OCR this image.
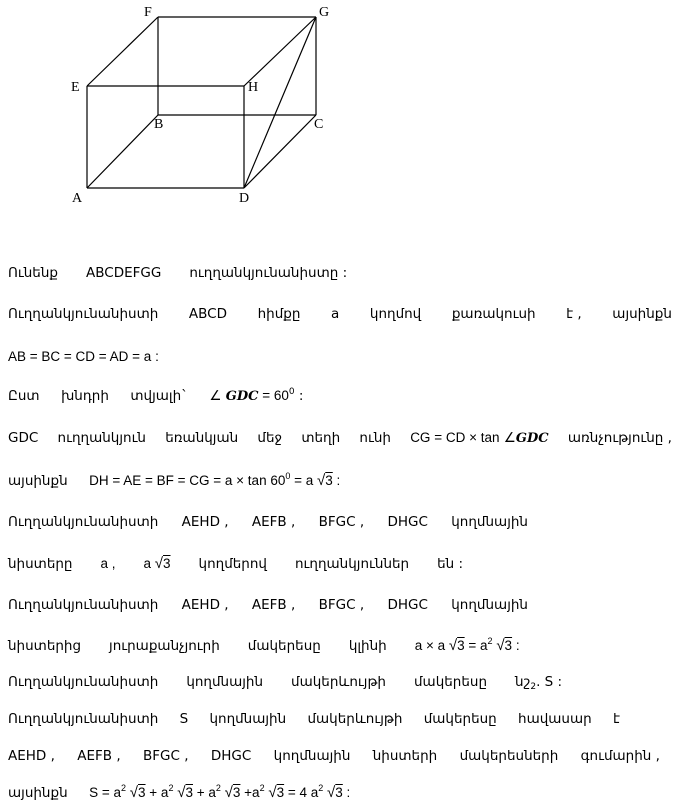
F	G
E	H
B	C
A	D
Ունենք ABCDEFGG ուղղանկյունանիստը :
Ուղղանկյունանիստի ABCD հիմքը a կողմով քառակուսի է , այսինքն
AB = BC = CD = AD = a :
Ըստ խնդրի տվյալի` ∠ GDC = $60^0$ :
GDC ուղղանկյուն եռանկյան մեջ տեղի ունի CG = CD × tan ∠GDC առնչությունը ,
այսինքն DH = AE = BF = CG = $a \times \tan 60^0 = a$ √3 :
Ուղղանկյունանիստի AEHD , AEFB , BFGC , DHGC կողմնային
նիստերը a , a √3 կողմերով ուղղանկյուններ են :
Ուղղանկյունանիստի AEHD , AEFB , BFGC , DHGC կողմնային
նիստերից յուրաքանչյուրի մակերեսը կլինի a × a $√3 = a^2$ √3 :
Ուղղանկյունանիստի կողմնային մակերևույթի մակերեսը նշ$_2$. S :
Ուղղանկյունանիստի S կողմնային մակերևույթի մակերեսը հավասար է
AEHD , AEFB , BFGC , DHGC կողմնային նիստերի մակերեսների գումարին ,
այսինքն $S = a^2$ $√3 + a^2$ $√3 + a^2$ $√3 +a^2$ √3 = 4 $a^2$ √3 :
